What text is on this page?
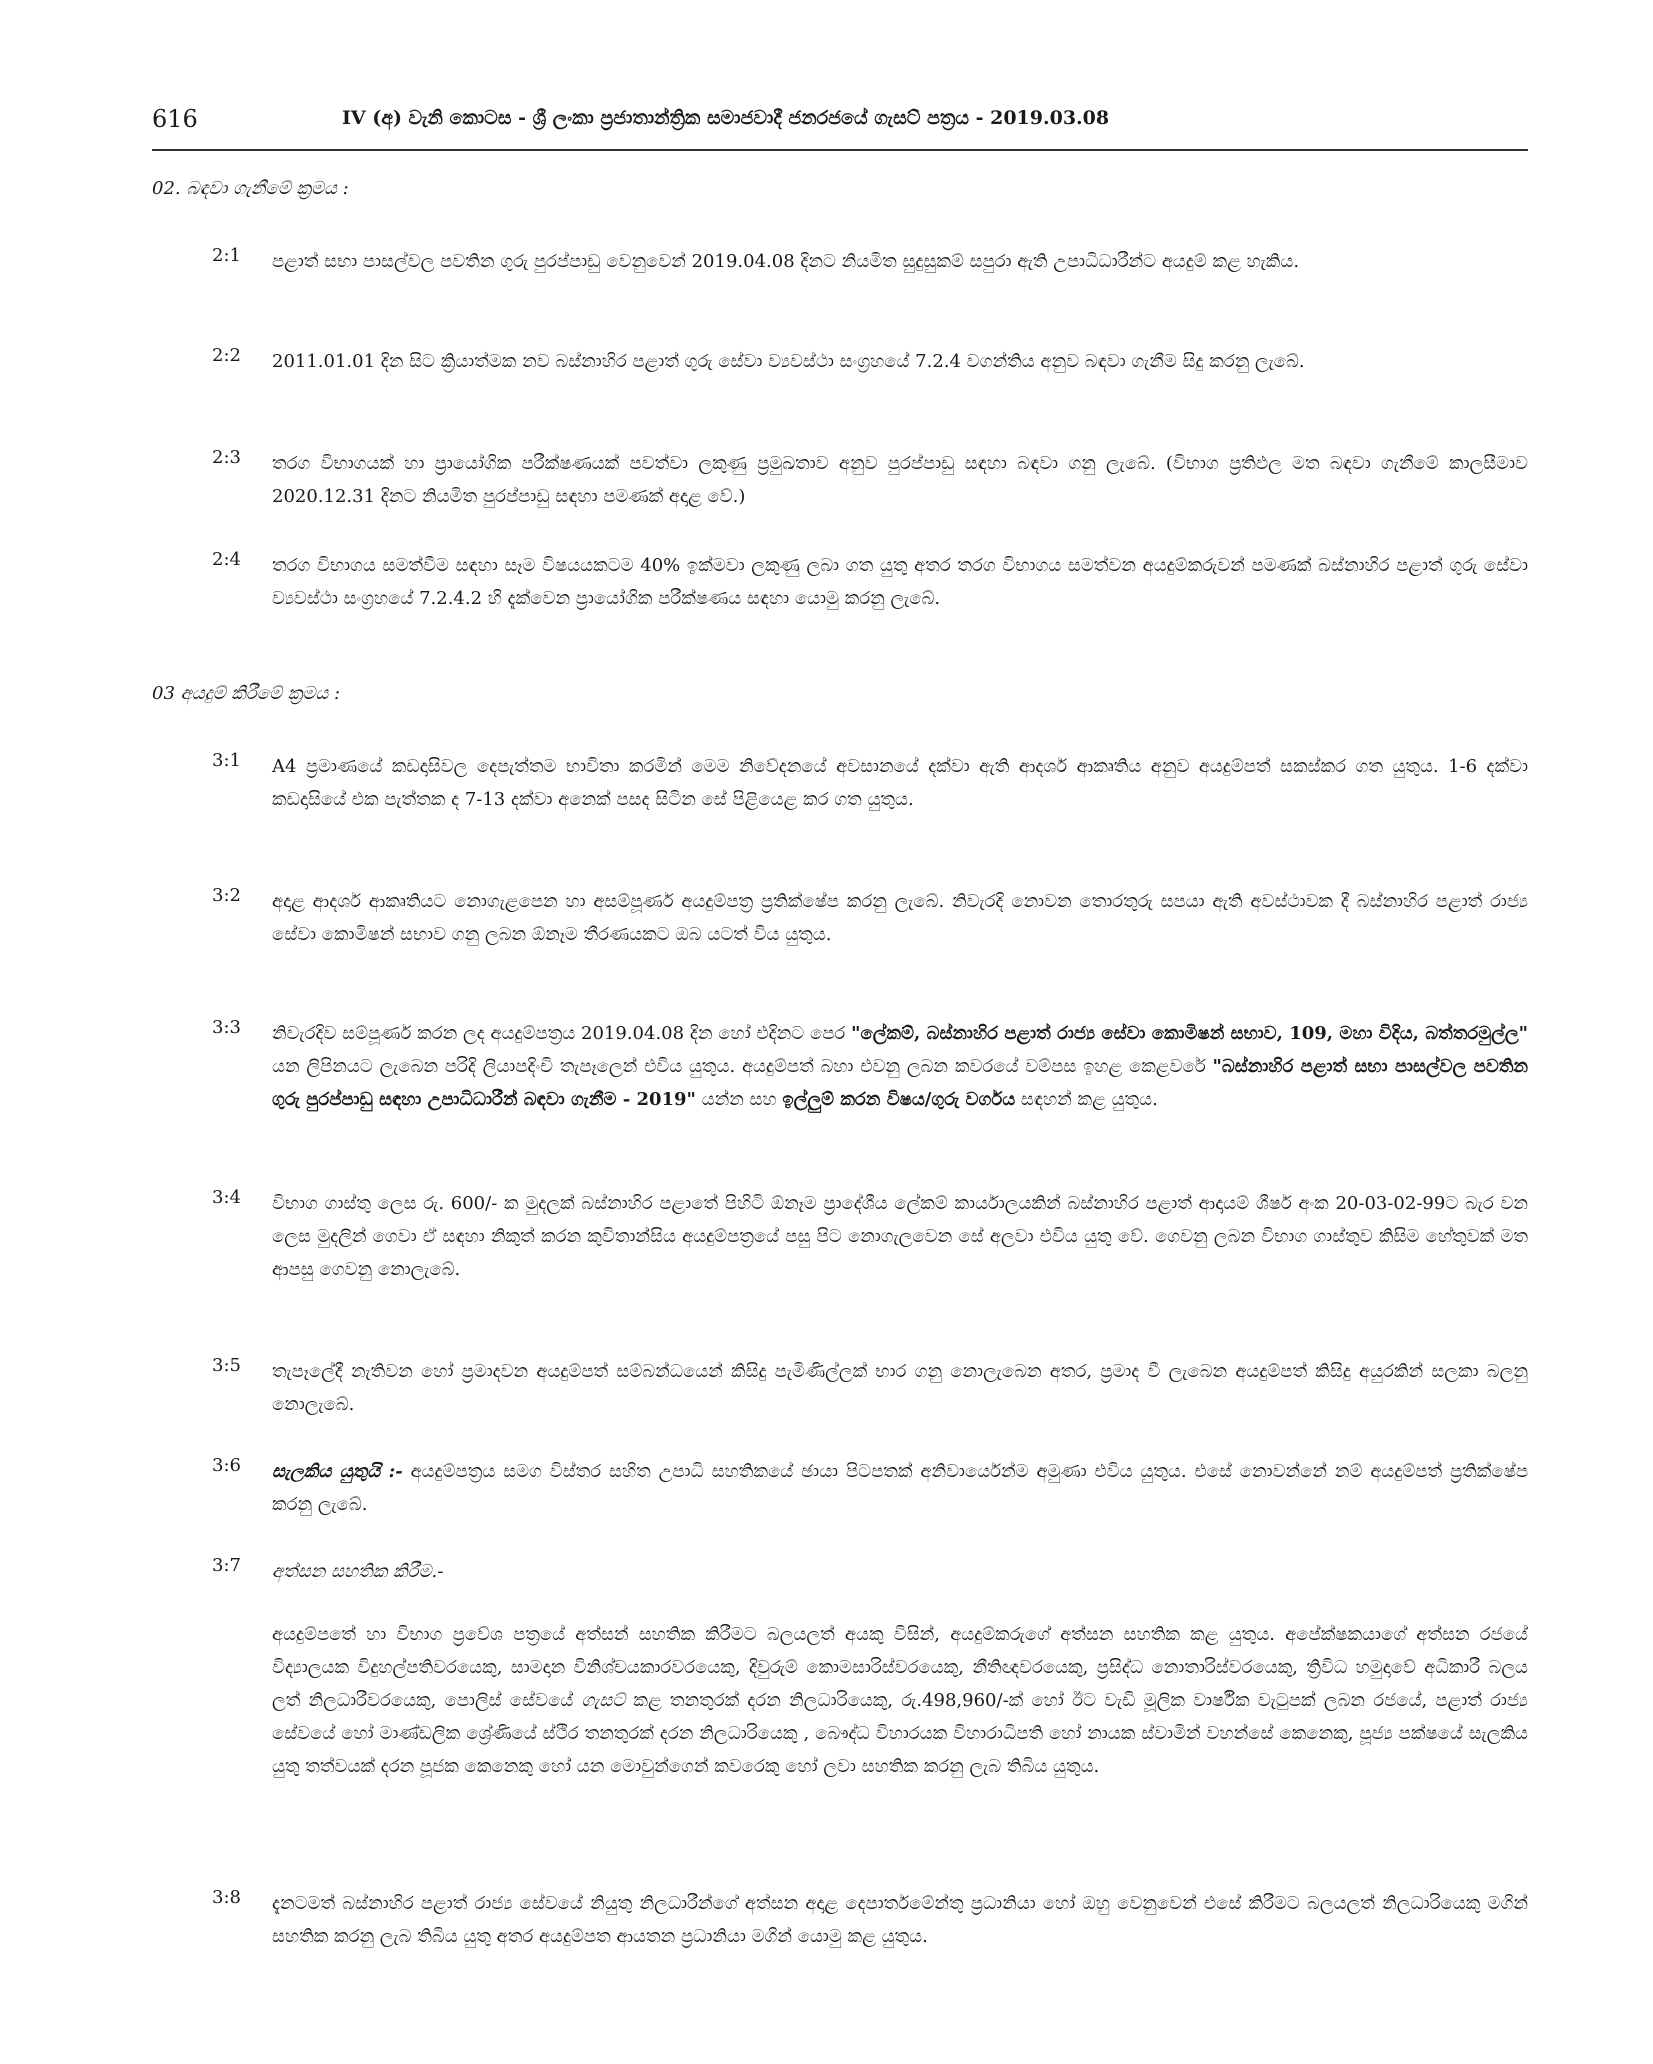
616	IV (අ) වැනි කොටස - ශ්‍රී ලංකා ප්‍රජාතාන්ත්‍රික සමාජවාදී ජනරජයේ ගැසට් පත්‍රය - 2019.03.08
02. බඳවා ගැනීමේ ක්‍රමය :
2:1	පළාත් සභා පාසල්වල පවතින ගුරු පුරප්පාඩු වෙනුවෙන් 2019.04.08 දිනට නියමිත සුදුසුකම් සපුරා ඇති උපාධිධාරීන්ට අයදුම් කළ හැකිය.
2:2	2011.01.01 දින සිට ක්‍රියාත්මක නව බස්නාහිර පළාත් ගුරු සේවා ව්‍යවස්ථා සංග්‍රහයේ 7.2.4 වගන්තිය අනුව බඳවා ගැනීම සිදු කරනු ලැබේ.
2:3	තරග විභාගයක් හා ප්‍රායෝගික පරීක්ෂණයක් පවත්වා ලකුණු ප්‍රමුඛතාව අනුව පුරප්පාඩු සඳහා බඳවා ගනු ලැබේ. (විභාග ප්‍රතිඵල මත බඳවා ගැනීමේ කාලසීමාව 2020.12.31 දිනට නියමිත පුරප්පාඩු සඳහා පමණක් අදාළ වේ.)
2:4	තරග විභාගය සමත්වීම සඳහා සෑම විෂයයකටම 40% ඉක්මවා ලකුණු ලබා ගත යුතු අතර තරග විභාගය සමත්වන අයදුම්කරුවන් පමණක් බස්නාහිර පළාත් ගුරු සේවා ව්‍යවස්ථා සංග්‍රහයේ 7.2.4.2 හි දැක්වෙන ප්‍රායෝගික පරීක්ෂණය සඳහා යොමු කරනු ලැබේ.
03 අයදුම් කිරීමේ ක්‍රමය :
3:1	A4 ප්‍රමාණයේ කඩදාසිවල දෙපැත්තම භාවිතා කරමින් මෙම නිවේදනයේ අවසානයේ දක්වා ඇති ආදර්ශ ආකෘතිය අනුව අයදුම්පත් සකස්කර ගත යුතුය. 1-6 දක්වා කඩදාසියේ එක පැත්තක ද 7-13 දක්වා අනෙක් පසද සිටින සේ පිළියෙළ කර ගත යුතුය.
3:2	අදාළ ආදර්ශ ආකෘතියට නොගැළපෙන හා අසම්පූර්ණ අයදුම්පත්‍ර ප්‍රතික්ෂේප කරනු ලැබේ. නිවැරදි නොවන තොරතුරු සපයා ඇති අවස්ථාවක දී බස්නාහිර පළාත් රාජ්‍ය සේවා කොමිෂන් සභාව ගනු ලබන ඕනෑම තීරණයකට ඔබ යටත් විය යුතුය.
3:3	නිවැරදිව සම්පූර්ණ කරන ලද අයදුම්පත්‍රය 2019.04.08 දින හෝ එදිනට පෙර "ලේකම්, බස්නාහිර පළාත් රාජ්‍ය සේවා කොමිෂන් සභාව, 109, මහා විදිය, බත්තරමුල්ල" යන ලිපිනයට ලැබෙන පරිදි ලියාපදිංචි තැපෑලෙන් එවිය යුතුය. අයදුම්පත් බහා එවනු ලබන කවරයේ වම්පස ඉහළ කෙළවරේ "බස්නාහිර පළාත් සභා පාසල්වල පවතින ගුරු පුරප්පාඩු සඳහා උපාධිධාරීන් බඳවා ගැනීම - 2019" යන්න සහ ඉල්ලුම් කරන විෂය/ගුරු වර්ගය සඳහන් කළ යුතුය.
3:4	විභාග ගාස්තු ලෙස රු. 600/- ක මුදලක් බස්නාහිර පළාතේ පිහිටි ඕනෑම ප්‍රාදේශීය ලේකම් කාර්යාලයකින් බස්නාහිර පළාත් ආදායම් ශීර්ෂ අංක 20-03-02-99ට බැර වන ලෙස මුදලින් ගෙවා ඒ සඳහා නිකුත් කරන කුවිතාන්සිය අයදුම්පත්‍රයේ පසු පිට නොගැලවෙන සේ අලවා එවිය යුතු වේ. ගෙවනු ලබන විභාග ගාස්තුව කිසිම හේතුවක් මත ආපසු ගෙවනු නොලැබේ.
3:5	තැපෑලේදී නැතිවන හෝ ප්‍රමාදවන අයදුම්පත් සම්බන්ධයෙන් කිසිදු පැමිණිල්ලක් භාර ගනු නොලැබෙන අතර, ප්‍රමාද වී ලැබෙන අයදුම්පත් කිසිදු අයුරකින් සලකා බලනු නොලැබේ.
3:6	සැලකිය යුතුයි :- අයදුම්පත්‍රය සමග විස්තර සහිත උපාධි සහතිකයේ ඡායා පිටපතක් අනිවාර්යෙන්ම අමුණා එවිය යුතුය. එසේ නොවන්නේ නම් අයදුම්පත් ප්‍රතික්ෂේප කරනු ලැබේ.
3:7	අත්සන සහතික කිරීම.-
අයදුම්පතේ හා විභාග ප්‍රවේශ පත්‍රයේ අත්සන් සහතික කිරීමට බලයලත් අයකු විසින්, අයදුම්කරුගේ අත්සන සහතික කළ යුතුය. අපේක්ෂකයාගේ අත්සන රජයේ විද්‍යාලයක විදුහල්පතිවරයෙකු, සාමදාන විනිශ්චයකාරවරයෙකු, දිවුරුම් කොමසාරිස්වරයෙකු, නීතිඥවරයෙකු, ප්‍රසිද්ධ නොතාරිස්වරයෙකු, ත්‍රිවිධ හමුදාවේ අධිකාරී බලය ලත් නිලධාරීවරයෙකු, පොලිස් සේවයේ ගැසට් කළ තනතුරක් දරන නිලධාරියෙකු, රු.498,960/-ක් හෝ ඊට වැඩි මූලික වාර්ෂික වැටුපක් ලබන රජයේ, පළාත් රාජ්‍ය සේවයේ හෝ මාණ්ඩලික ශ්‍රේණියේ ස්ථිර තනතුරක් දරන නිලධාරියෙකු , බෞද්ධ විහාරයක විහාරාධිපති හෝ නායක ස්වාමින් වහන්සේ කෙනෙකු, පූජ්‍ය පක්ෂයේ සැලකිය යුතු තත්වයක් දරන පූජක කෙනෙකු හෝ යන මොවුන්ගෙන් කවරෙකු හෝ ලවා සහතික කරනු ලැබ තිබිය යුතුය.
3:8	දැනටමත් බස්නාහිර පළාත් රාජ්‍ය සේවයේ නියුතු නිලධාරීන්ගේ අත්සන අදාළ දෙපාර්තමේන්තු ප්‍රධානියා හෝ ඔහු වෙනුවෙන් එසේ කිරීමට බලයලත් නිලධාරියෙකු මගින් සහතික කරනු ලැබ තිබිය යුතු අතර අයදුම්පත ආයතන ප්‍රධානියා මගින් යොමු කළ යුතුය.
